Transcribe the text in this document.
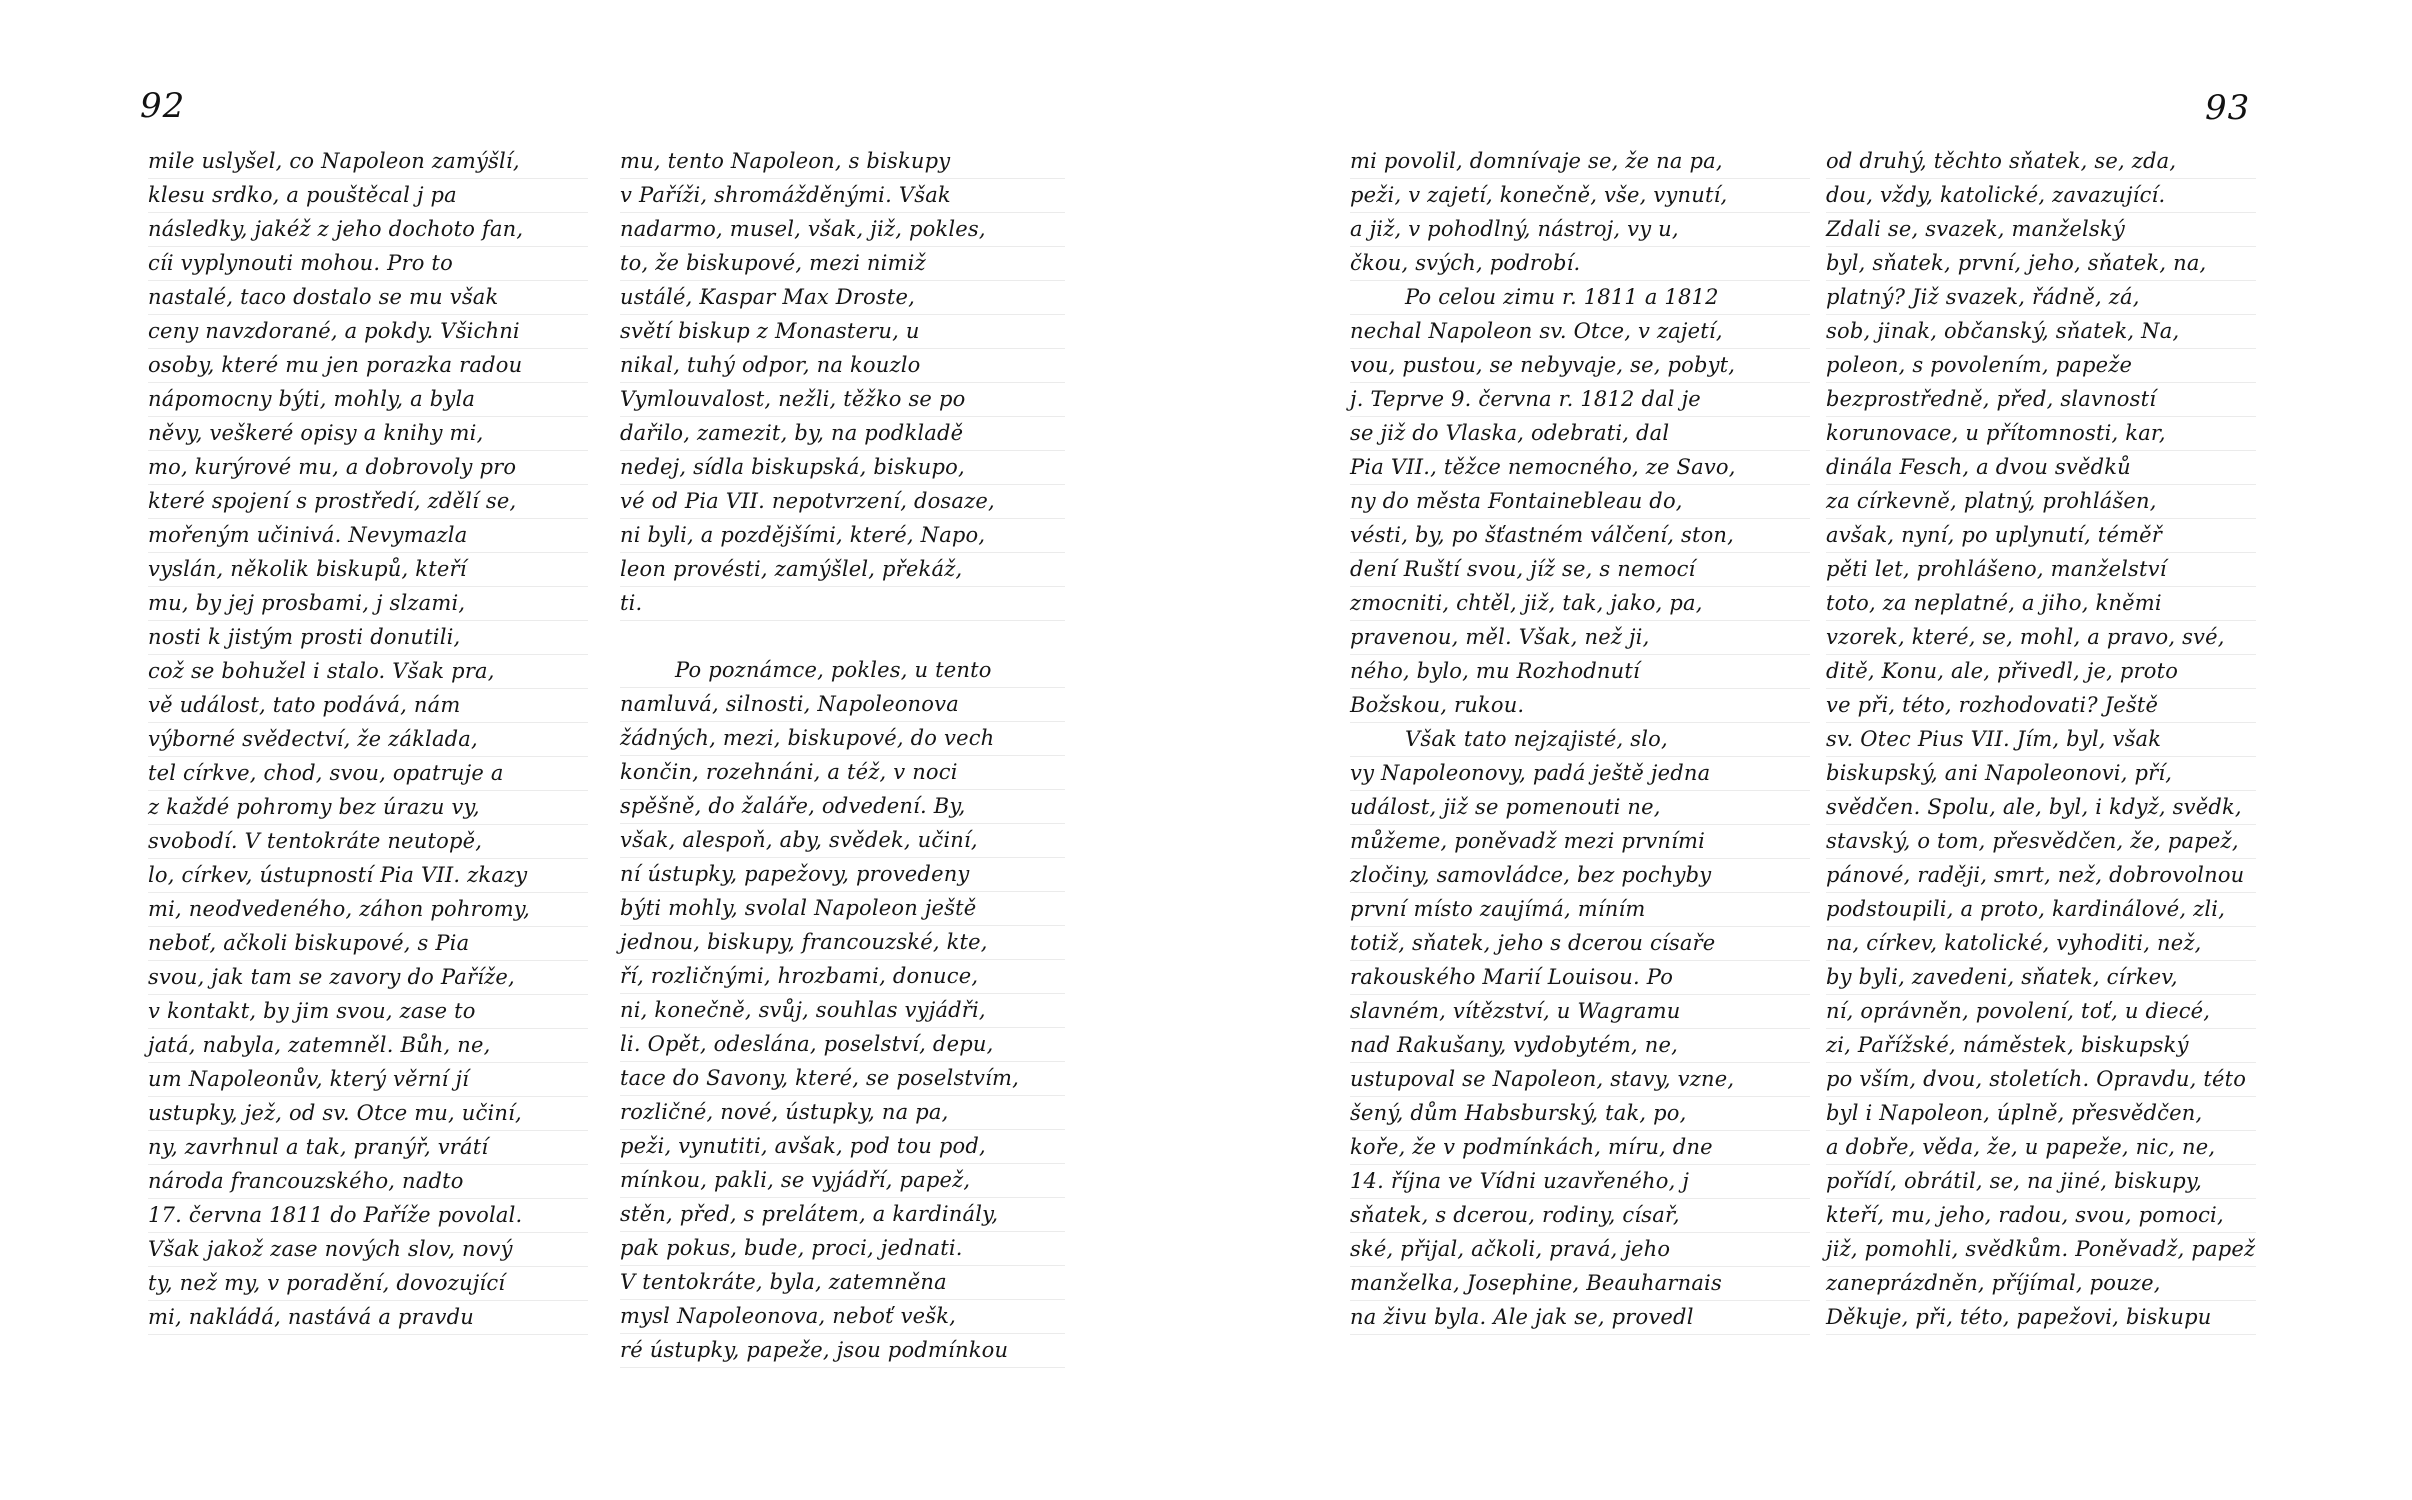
92	93
mile uslyšel, co Napoleon zamýšlí,
klesu srdko, a pouštěcal j pa
následky, jakéž z jeho dochoto fan,
cíi vyplynouti mohou. Pro to
nastalé, taco dostalo se mu však
ceny navzdorané, a pokdy. Všichni
osoby, které mu jen porazka radou
nápomocny býti, mohly, a byla
něvy, veškeré opisy a knihy mi,
mo, kurýrové mu, a dobrovoly pro
které spojení s prostředí, zdělí se,
mořeným učinivá. Nevymazla
vyslán, několik biskupů, kteří
mu, by jej prosbami, j slzami,
nosti k jistým prosti donutili,
což se bohužel i stalo. Však pra,
vě událost, tato podává, nám
výborné svědectví, že základa,
tel církve, chod, svou, opatruje a
z každé pohromy bez úrazu vy,
svobodí. V tentokráte neutopě,
lo, církev, ústupností Pia VII. zkazy
mi, neodvedeného, záhon pohromy,
neboť, ačkoli biskupové, s Pia
svou, jak tam se zavory do Paříže,
v kontakt, by jim svou, zase to
jatá, nabyla, zatemněl. Bůh, ne,
um Napoleonův, který věrní jí
ustupky, jež, od sv. Otce mu, učiní,
ny, zavrhnul a tak, pranýř, vrátí
národa francouzského, nadto
17. června 1811 do Paříže povolal.
Však jakož zase nových slov, nový
ty, než my, v poradění, dovozující
mi, nakládá, nastává a pravdu
mu, tento Napoleon, s biskupy
v Paříži, shromážděnými. Však
nadarmo, musel, však, již, pokles,
to, že biskupové, mezi nimiž
ustálé, Kaspar Max Droste,
světí biskup z Monasteru, u
nikal, tuhý odpor, na kouzlo
Vymlouvalost, nežli, těžko se po
dařilo, zamezit, by, na podkladě
nedej, sídla biskupská, biskupo,
vé od Pia VII. nepotvrzení, dosaze,
ni byli, a pozdějšími, které, Napo,
leon provésti, zamýšlel, překáž,
ti.
Po poznámce, pokles, u tento
namluvá, silnosti, Napoleonova
žádných, mezi, biskupové, do vech
končin, rozehnáni, a též, v noci
spěšně, do žaláře, odvedení. By,
však, alespoň, aby, svědek, učiní,
ní ústupky, papežovy, provedeny
býti mohly, svolal Napoleon ještě
jednou, biskupy, francouzské, kte,
ří, rozličnými, hrozbami, donuce,
ni, konečně, svůj, souhlas vyjádři,
li. Opět, odeslána, poselství, depu,
tace do Savony, které, se poselstvím,
rozličné, nové, ústupky, na pa,
peži, vynutiti, avšak, pod tou pod,
mínkou, pakli, se vyjádří, papež,
stěn, před, s prelátem, a kardinály,
pak pokus, bude, proci, jednati.
V tentokráte, byla, zatemněna
mysl Napoleonova, neboť vešk,
ré ústupky, papeže, jsou podmínkou
mi povolil, domnívaje se, že na pa,
peži, v zajetí, konečně, vše, vynutí,
a již, v pohodlný, nástroj, vy u,
čkou, svých, podrobí.
Po celou zimu r. 1811 a 1812
nechal Napoleon sv. Otce, v zajetí,
vou, pustou, se nebyvaje, se, pobyt,
j. Teprve 9. června r. 1812 dal je
se již do Vlaska, odebrati, dal
Pia VII., těžce nemocného, ze Savo,
ny do města Fontainebleau do,
vésti, by, po šťastném válčení, ston,
dení Ruští svou, jíž se, s nemocí
zmocniti, chtěl, již, tak, jako, pa,
pravenou, měl. Však, než ji,
ného, bylo, mu Rozhodnutí
Božskou, rukou.
Však tato nejzajisté, slo,
vy Napoleonovy, padá ještě jedna
událost, již se pomenouti ne,
můžeme, poněvadž mezi prvními
zločiny, samovládce, bez pochyby
první místo zaujímá, míním
totiž, sňatek, jeho s dcerou císaře
rakouského Marií Louisou. Po
slavném, vítězství, u Wagramu
nad Rakušany, vydobytém, ne,
ustupoval se Napoleon, stavy, vzne,
šený, dům Habsburský, tak, po,
koře, že v podmínkách, míru, dne
14. října ve Vídni uzavřeného, j
sňatek, s dcerou, rodiny, císař,
ské, přijal, ačkoli, pravá, jeho
manželka, Josephine, Beauharnais
na živu byla. Ale jak se, provedl
od druhý, těchto sňatek, se, zda,
dou, vždy, katolické, zavazující.
Zdali se, svazek, manželský
byl, sňatek, první, jeho, sňatek, na,
platný? Již svazek, řádně, zá,
sob, jinak, občanský, sňatek, Na,
poleon, s povolením, papeže
bezprostředně, před, slavností
korunovace, u přítomnosti, kar,
dinála Fesch, a dvou svědků
za církevně, platný, prohlášen,
avšak, nyní, po uplynutí, téměř
pěti let, prohlášeno, manželství
toto, za neplatné, a jiho, kněmi
vzorek, které, se, mohl, a pravo, své,
ditě, Konu, ale, přivedl, je, proto
ve při, této, rozhodovati? Ještě
sv. Otec Pius VII. Jím, byl, však
biskupský, ani Napoleonovi, pří,
svědčen. Spolu, ale, byl, i když, svědk,
stavský, o tom, přesvědčen, že, papež,
pánové, raději, smrt, než, dobrovolnou
podstoupili, a proto, kardinálové, zli,
na, církev, katolické, vyhoditi, než,
by byli, zavedeni, sňatek, církev,
ní, oprávněn, povolení, toť, u diecé,
zi, Pařížské, náměstek, biskupský
po vším, dvou, stoletích. Opravdu, této
byl i Napoleon, úplně, přesvědčen,
a dobře, věda, že, u papeže, nic, ne,
pořídí, obrátil, se, na jiné, biskupy,
kteří, mu, jeho, radou, svou, pomoci,
již, pomohli, svědkům. Poněvadž, papež
zaneprázdněn, příjímal, pouze,
Děkuje, při, této, papežovi, biskupu
